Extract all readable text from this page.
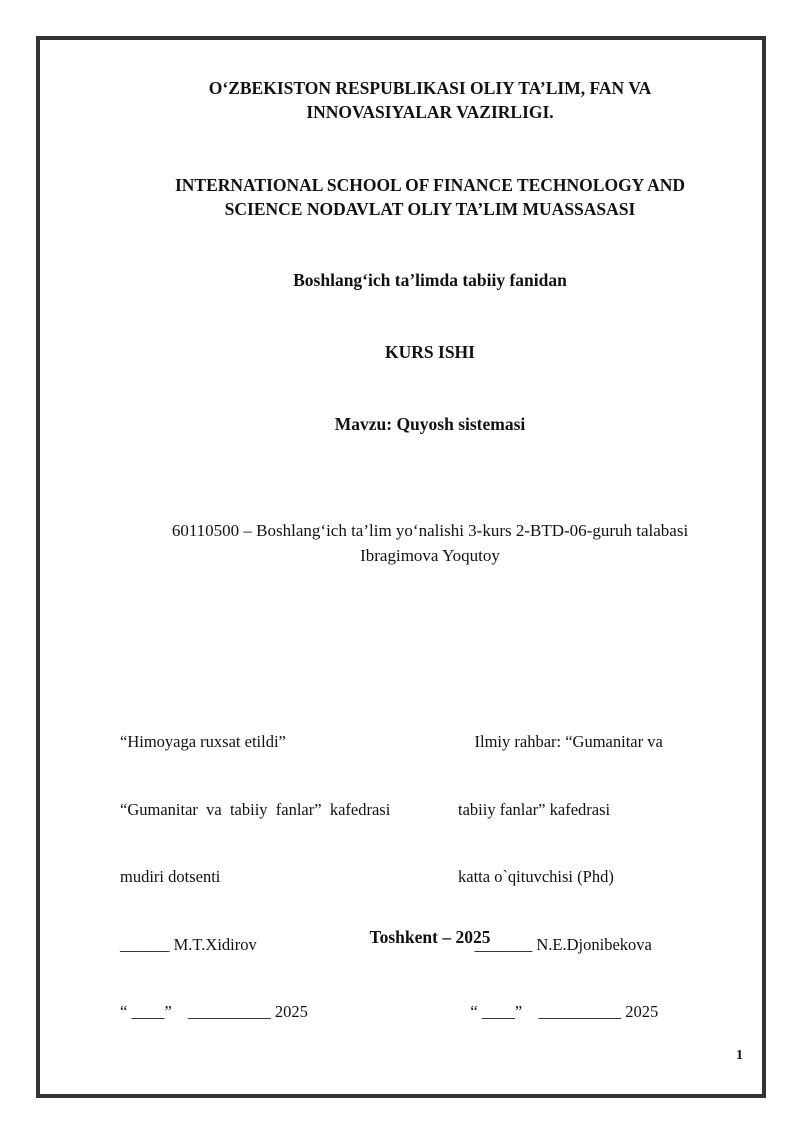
O‘ZBEKISTON RESPUBLIKASI OLIY TA’LIM, FAN VA
INNOVASIYALAR VAZIRLIGI.
INTERNATIONAL SCHOOL OF FINANCE TECHNOLOGY AND
SCIENCE NODAVLAT OLIY TA’LIM MUASSASASI
Boshlang‘ich ta’limda tabiiy fanidan
KURS ISHI
Mavzu: Quyosh sistemasi
60110500 – Boshlang‘ich ta’lim yo‘nalishi 3-kurs 2-BTD-06-guruh talabasi
Ibragimova Yoqutoy

“Himoyaga ruxsat etildi”

“Gumanitar  va  tabiiy  fanlar”  kafedrasi

mudiri dotsenti

______ M.T.Xidirov

“ ____”    __________ 2025

Ilmiy rahbar: “Gumanitar va

tabiiy fanlar” kafedrasi

katta o`qituvchisi (Phd)

_______ N.E.Djonibekova

“ ____”    __________ 2025

Toshkent – 2025
1
